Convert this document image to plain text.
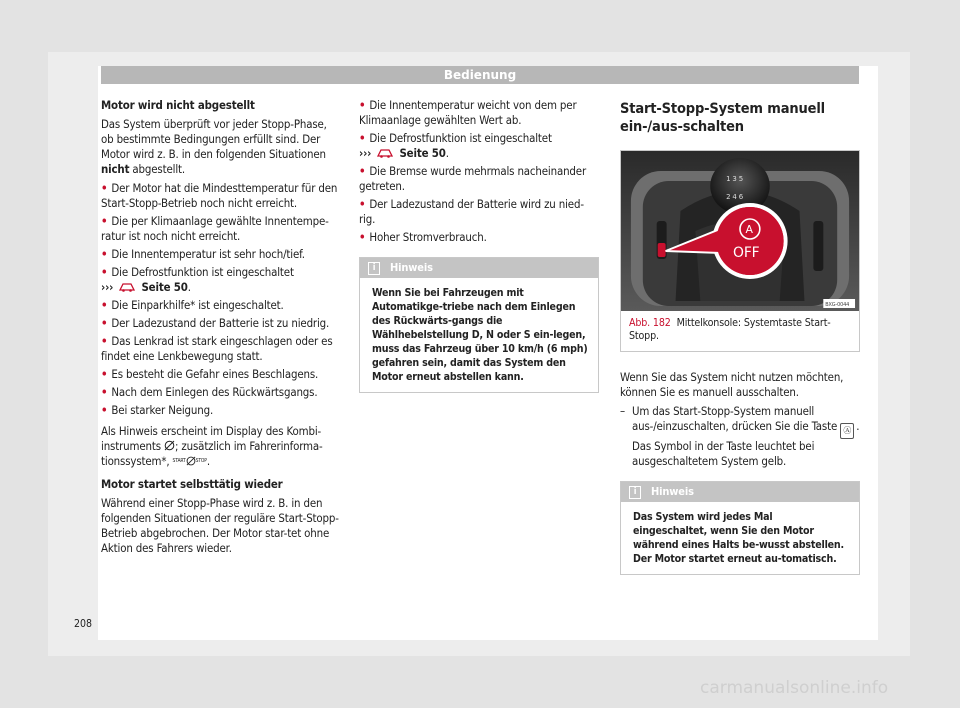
Bedienung

Motor wird nicht abgestellt

Das System überprüft vor jeder Stopp-Phase, ob bestimmte Bedingungen erfüllt sind. Der Motor wird z. B. in den folgenden Situationen nicht abgestellt.

• Der Motor hat die Mindesttemperatur für den Start-Stopp-Betrieb noch nicht erreicht.
• Die per Klimaanlage gewählte Innentempe-ratur ist noch nicht erreicht.
• Die Innentemperatur ist sehr hoch/tief.
• Die Defrostfunktion ist eingeschaltet
››› Seite 50.
• Die Einparkhilfe* ist eingeschaltet.
• Der Ladezustand der Batterie ist zu niedrig.
• Das Lenkrad ist stark eingeschlagen oder es findet eine Lenkbewegung statt.
• Es besteht die Gefahr eines Beschlagens.
• Nach dem Einlegen des Rückwärtsgangs.
• Bei starker Neigung.

Als Hinweis erscheint im Display des Kombi-instruments ; zusätzlich im Fahrerinforma-tionssystem*, $^{START}$ $^{STOP}$.

Motor startet selbsttätig wieder

Während einer Stopp-Phase wird z. B. in den folgenden Situationen der reguläre Start-Stopp-Betrieb abgebrochen. Der Motor star-tet ohne Aktion des Fahrers wieder.

• Die Innentemperatur weicht von dem per Klimaanlage gewählten Wert ab.
• Die Defrostfunktion ist eingeschaltet
››› Seite 50.
• Die Bremse wurde mehrmals nacheinander getreten.
• Der Ladezustand der Batterie wird zu nied-rig.
• Hoher Stromverbrauch.
i	Hinweis
Wenn Sie bei Fahrzeugen mit Automatikge-triebe nach dem Einlegen des Rückwärts-gangs die Wählhebelstellung D, N oder S ein-legen, muss das Fahrzeug über 10 km/h (6 mph) gefahren sein, damit das System den Motor erneut abstellen kann.
Start-Stopp-System manuell ein-/aus-schalten
1 3 5
2 4 6
A
OFF
BXG-0044
Abb. 182 Mittelkonsole: Systemtaste Start-Stopp.

Wenn Sie das System nicht nutzen möchten, können Sie es manuell ausschalten.

– Um das Start-Stopp-System manuell aus-/einzuschalten, drücken Sie die Taste Ⓐ . Das Symbol in der Taste leuchtet bei ausgeschaltetem System gelb.
i	Hinweis
Das System wird jedes Mal eingeschaltet, wenn Sie den Motor während eines Halts be-wusst abstellen. Der Motor startet erneut au-tomatisch.
208
carmanualsonline.info
